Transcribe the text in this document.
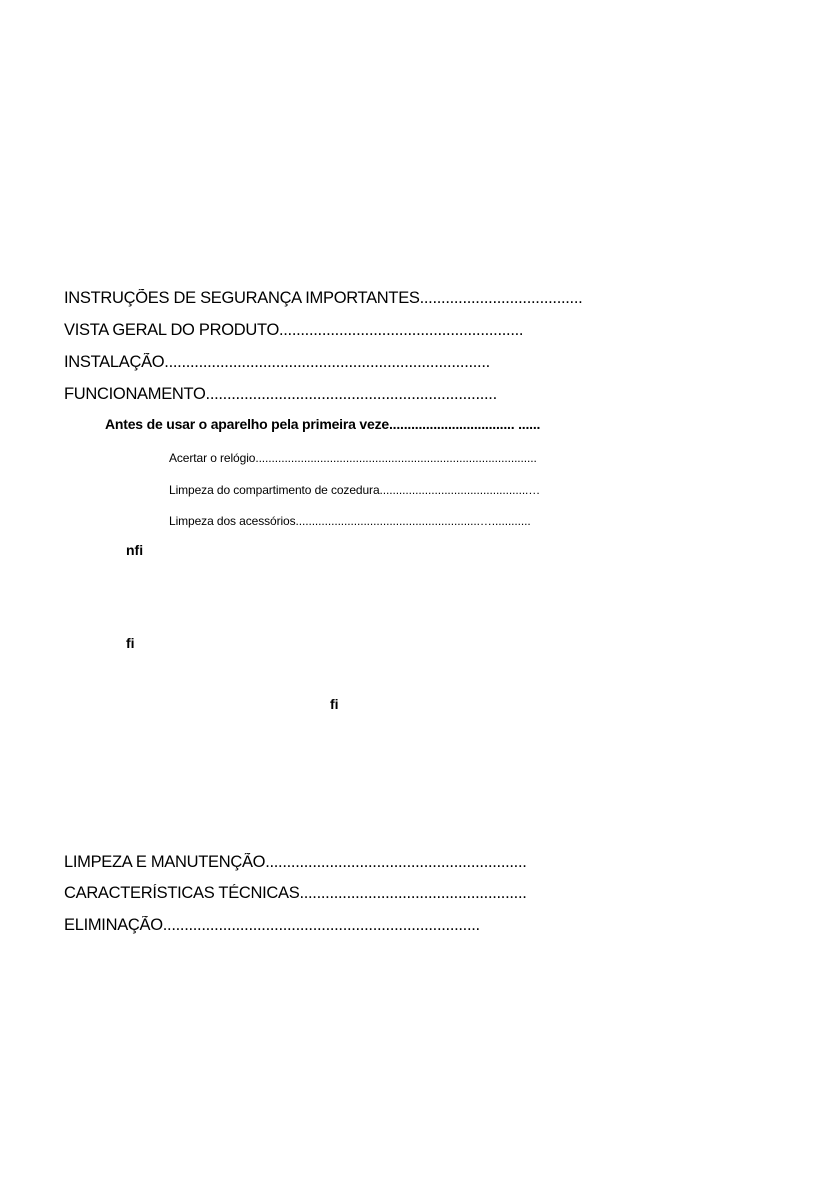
INSTRUÇÕES DE SEGURANÇA IMPORTANTES......................................
VISTA GERAL DO PRODUTO.........................................................
INSTALAÇÃO............................................................................
FUNCIONAMENTO....................................................................
Antes de usar o aparelho pela primeira veze.................................. ......
Acertar o relógio.......................................................................................
Limpeza do compartimento de cozedura..............................................…
Limpeza dos acessórios.........................................................…............
nfi
fi
fi
LIMPEZA E MANUTENÇÃO.............................................................
CARACTERÍSTICAS TÉCNICAS.....................................................
ELIMINAÇÃO..........................................................................
